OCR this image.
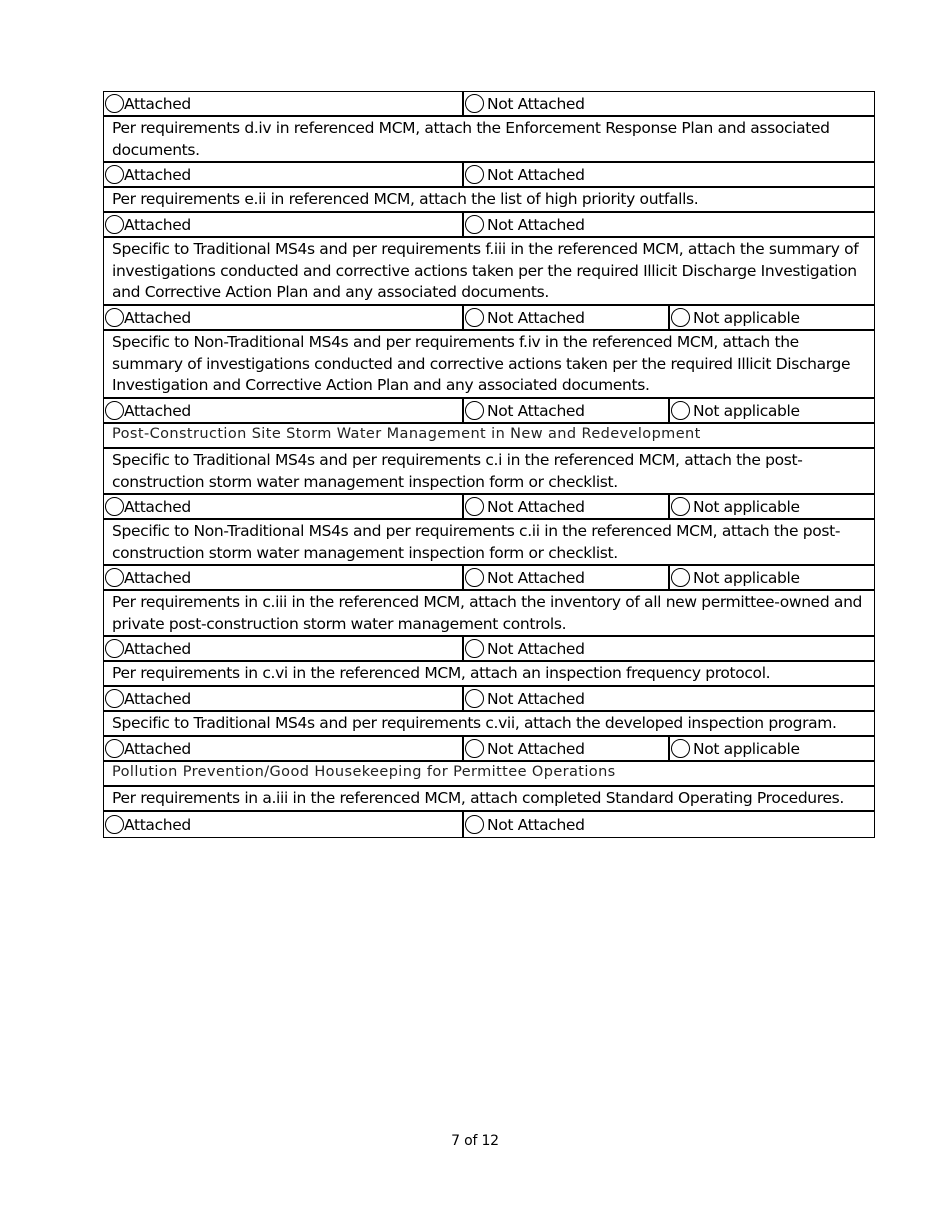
Attached	Not Attached
Per requirements d.iv in referenced MCM, attach the Enforcement Response Plan and associated documents.
Attached	Not Attached
Per requirements e.ii in referenced MCM, attach the list of high priority outfalls.
Attached	Not Attached
Specific to Traditional MS4s and per requirements f.iii in the referenced MCM, attach the summary of investigations conducted and corrective actions taken per the required Illicit Discharge Investigation and Corrective Action Plan and any associated documents.
Attached	Not Attached	Not applicable
Specific to Non-Traditional MS4s and per requirements f.iv in the referenced MCM, attach the summary of investigations conducted and corrective actions taken per the required Illicit Discharge Investigation and Corrective Action Plan and any associated documents.
Attached	Not Attached	Not applicable
Post-Construction Site Storm Water Management in New and Redevelopment
Specific to Traditional MS4s and per requirements c.i in the referenced MCM, attach the post-construction storm water management inspection form or checklist.
Attached	Not Attached	Not applicable
Specific to Non-Traditional MS4s and per requirements c.ii in the referenced MCM, attach the post-construction storm water management inspection form or checklist.
Attached	Not Attached	Not applicable
Per requirements in c.iii in the referenced MCM, attach the inventory of all new permittee-owned and private post-construction storm water management controls.
Attached	Not Attached
Per requirements in c.vi in the referenced MCM, attach an inspection frequency protocol.
Attached	Not Attached
Specific to Traditional MS4s and per requirements c.vii, attach the developed inspection program.
Attached	Not Attached	Not applicable
Pollution Prevention/Good Housekeeping for Permittee Operations
Per requirements in a.iii in the referenced MCM, attach completed Standard Operating Procedures.
Attached	Not Attached
7 of 12
